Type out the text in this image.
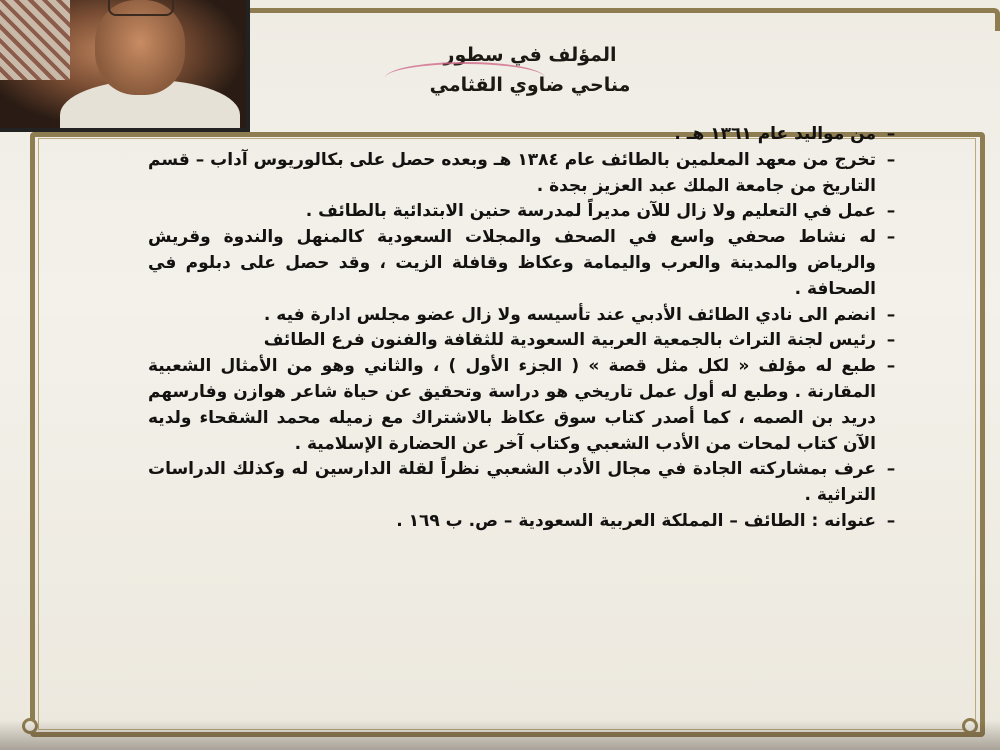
المؤلف في سطور
مناحي ضاوي القثامي
–
من مواليد عام ١٣٦١ هـ .
–
تخرج من معهد المعلمين بالطائف عام ١٣٨٤ هـ وبعده حصل على بكالوريوس آداب – قسم التاريخ من جامعة الملك عبد العزيز بجدة .
–
عمل في التعليم ولا زال للآن مديراً لمدرسة حنين الابتدائية بالطائف .
–
له نشاط صحفي واسع في الصحف والمجلات السعودية كالمنهل والندوة وقريش والرياض والمدينة والعرب واليمامة وعكاظ وقافلة الزيت ، وقد حصل على دبلوم في الصحافة .
–
انضم الى نادي الطائف الأدبي عند تأسيسه ولا زال عضو مجلس ادارة فيه .
–
رئيس لجنة التراث بالجمعية العربية السعودية للثقافة والفنون فرع الطائف
–
طبع له مؤلف « لكل مثل قصة » ( الجزء الأول ) ، والثاني وهو من الأمثال الشعبية المقارنة . وطبع له أول عمل تاريخي هو دراسة وتحقيق عن حياة شاعر هوازن وفارسهم دريد بن الصمه ، كما أصدر كتاب سوق عكاظ بالاشتراك مع زميله محمد الشقحاء ولديه الآن كتاب لمحات من الأدب الشعبي وكتاب آخر عن الحضارة الإسلامية .
–
عرف بمشاركته الجادة في مجال الأدب الشعبي نظراً لقلة الدارسين له وكذلك الدراسات التراثية .
–
عنوانه : الطائف – المملكة العربية السعودية – ص. ب ١٦٩ .
